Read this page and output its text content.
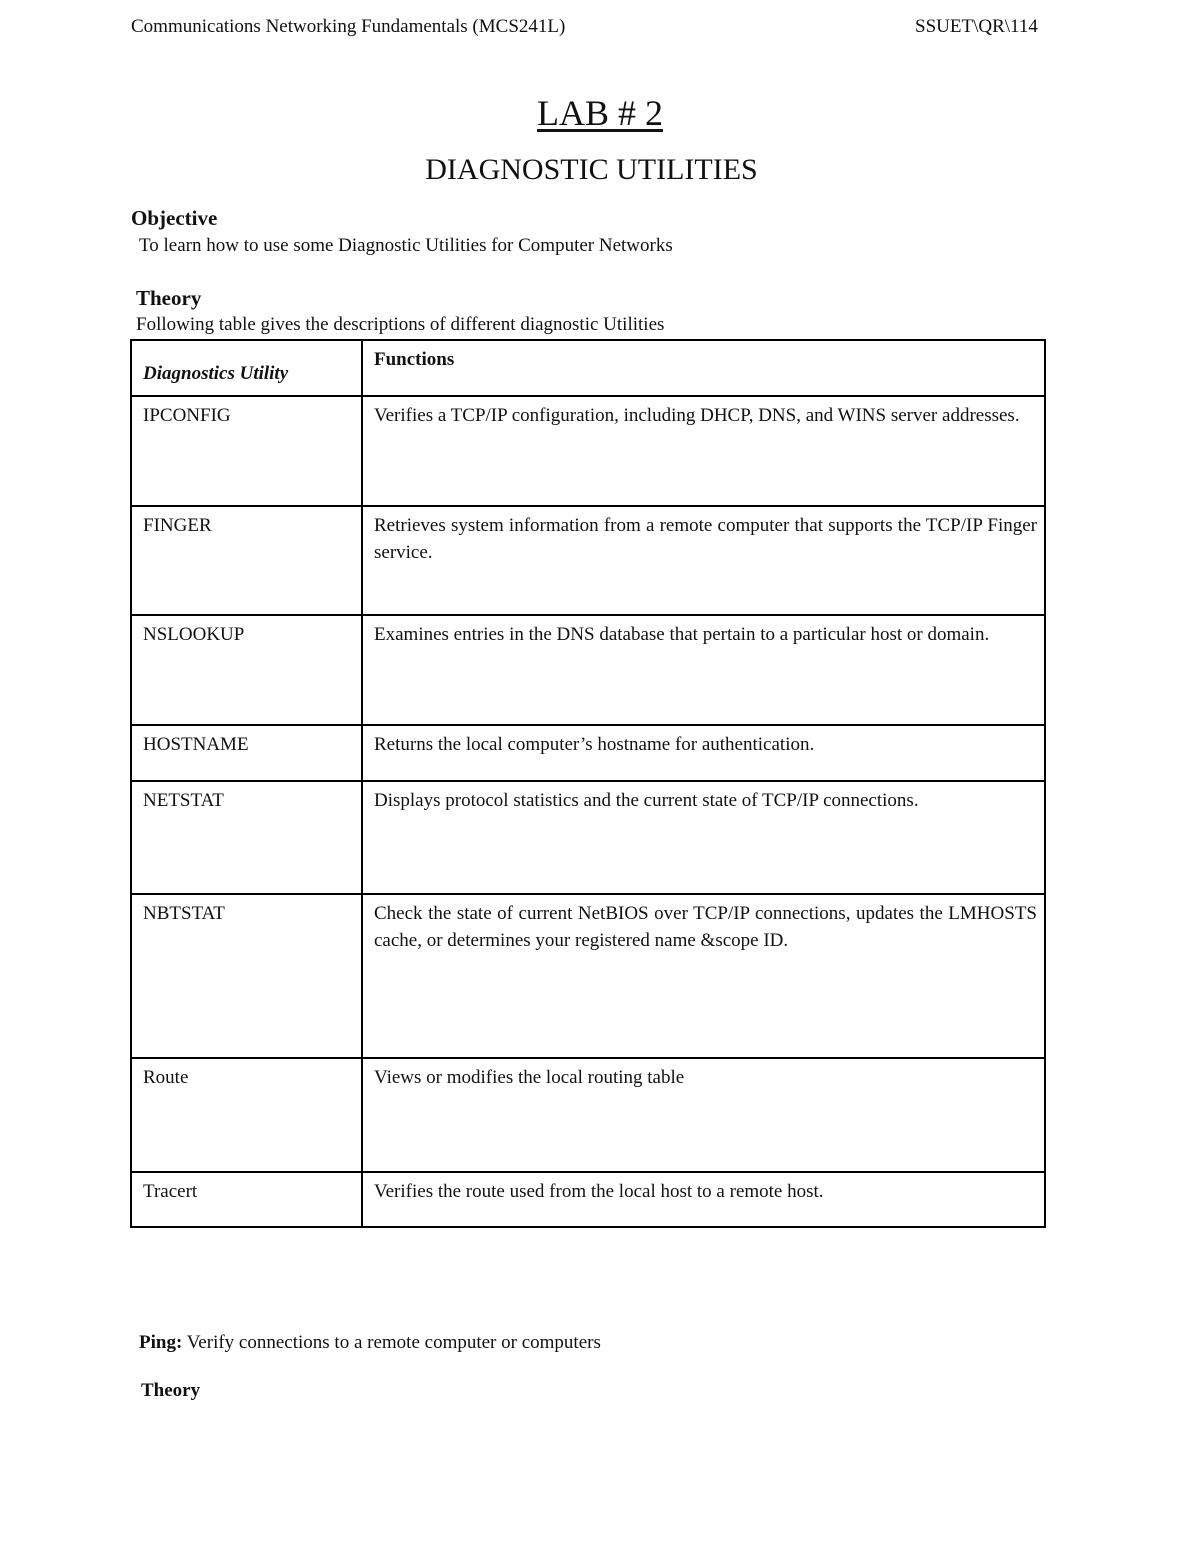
Communications Networking Fundamentals (MCS241L)	SSUET\QR\114
LAB # 2
DIAGNOSTIC UTILITIES
Objective
To learn how to use some Diagnostic Utilities for Computer Networks
Theory
Following table gives the descriptions of different diagnostic Utilities
Diagnostics Utility	Functions

IPCONFIG	Verifies a TCP/IP configuration, including DHCP, DNS, and WINS server addresses.
FINGER	Retrieves system information from a remote computer that supports the TCP/IP Finger service.
NSLOOKUP	Examines entries in the DNS database that pertain to a particular host or domain.
HOSTNAME	Returns the local computer’s hostname for authentication.
NETSTAT	Displays protocol statistics and the current state of TCP/IP connections.
NBTSTAT	Check the state of current NetBIOS over TCP/IP connections, updates the LMHOSTS cache, or determines your registered name &scope ID.
Route	Views or modifies the local routing table
Tracert	Verifies the route used from the local host to a remote host.
Ping: Verify connections to a remote computer or computers
Theory
